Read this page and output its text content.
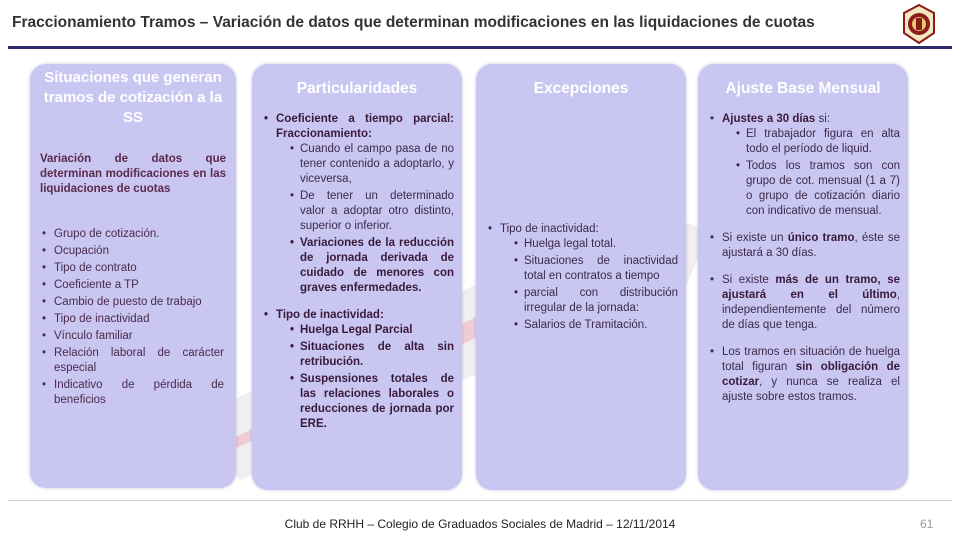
Fraccionamiento Tramos – Variación de datos que determinan modificaciones en las liquidaciones de cuotas
Situaciones que generan tramos de cotización a la SS
Variación de datos que determinan modificaciones en las liquidaciones de cuotas
• Grupo de cotización.
• Ocupación
• Tipo de contrato
• Coeficiente a TP
• Cambio de puesto de trabajo
• Tipo de inactividad
• Vínculo familiar
• Relación laboral de carácter especial
• Indicativo de pérdida de beneficios
Particularidades
• Coeficiente a tiempo parcial: Fraccionamiento:
• Cuando el campo pasa de no tener contenido a adoptarlo, y viceversa,
• De tener un determinado valor a adoptar otro distinto, superior o inferior.
• Variaciones de la reducción de jornada derivada de cuidado de menores con graves enfermedades.
• Tipo de inactividad:
• Huelga Legal Parcial
• Situaciones de alta sin retribución.
• Suspensiones totales de las relaciones laborales o reducciones de jornada por ERE.
Excepciones
• Tipo de inactividad:
• Huelga legal total.
• Situaciones de inactividad total en contratos a tiempo
• parcial con distribución irregular de la jornada:
• Salarios de Tramitación.
Ajuste Base Mensual
• Ajustes a 30 días si:
• El trabajador figura en alta todo el período de liquid.
• Todos los tramos son con grupo de cot. mensual (1 a 7) o grupo de cotización diario con indicativo de mensual.
• Si existe un único tramo, éste se ajustará a 30 días.
• Si existe más de un tramo, se ajustará en el último, independientemente del número de días que tenga.
• Los tramos en situación de huelga total figuran sin obligación de cotizar, y nunca se realiza el ajuste sobre estos tramos.
Club de RRHH – Colegio de Graduados Sociales de Madrid – 12/11/2014	61
